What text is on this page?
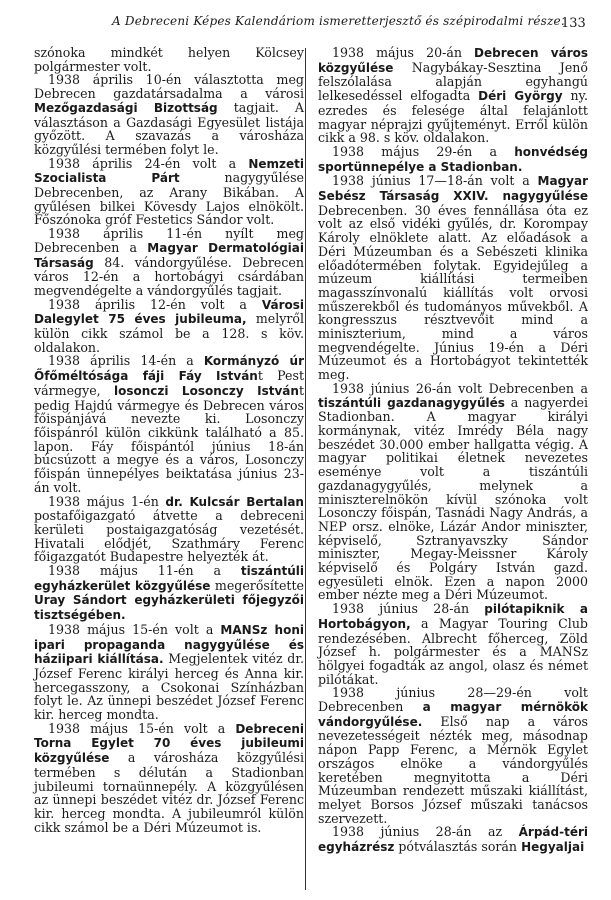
A Debreceni Képes Kalendáriom ismeretterjesztő és szépirodalmi része.
133

szónoka mindkét helyen Kölcsey polgármester volt.

1938 április 10-én választotta meg Debrecen gazdatársadalma a városi Mezőgazdasági Bizottság tagjait. A választáson a Gazdasági Egyesület listája győzött. A szavazás a városháza közgyűlési termében folyt le.

1938 április 24-én volt a Nemzeti Szocialista Párt nagygyűlése Debrecenben, az Arany Bikában. A gyűlésen bilkei Kövesdy Lajos elnökölt. Főszónoka gróf Festetics Sándor volt.

1938 április 11-én nyílt meg Debrecenben a Magyar Dermatológiai Társaság 84. vándorgyűlése. Debrecen város 12-én a hortobágyi csárdában megvendégelte a vándorgyűlés tagjait.

1938 április 12-én volt a Városi Dalegylet 75 éves jubileuma, melyről külön cikk számol be a 128. s köv. oldalakon.

1938 április 14-én a Kormányzó úr Őfőméltósága fáji Fáy Istvánt Pest vármegye, losonczi Losonczy Istvánt pedig Hajdú vármegye és Debrecen város főispánjává nevezte ki. Losonczy főispánról külön cikkünk található a 85. lapon. Fáy főispántól június 18-án búcsúzott a megye és a város, Losonczy főispán ünnepélyes beiktatása június 23-án volt.

1938 május 1-én dr. Kulcsár Bertalan postafőigazgató átvette a debreceni kerületi postaigazgatóság vezetését. Hivatali elődjét, Szathmáry Ferenc főigazgatót Budapestre helyezték át.

1938 május 11-én a tiszántúli egyházkerület közgyűlése megerősítette Uray Sándort egyházkerületi főjegyzői tisztségében.

1938 május 15-én volt a MANSz honi ipari propaganda nagygyűlése és háziipari kiállítása. Megjelentek vitéz dr. József Ferenc királyi herceg és Anna kir. hercegasszony, a Csokonai Színházban folyt le. Az ünnepi beszédet József Ferenc kir. herceg mondta.

1938 május 15-én volt a Debreceni Torna Egylet 70 éves jubileumi közgyűlése a városháza közgyűlési termében s délután a Stadionban jubileumi tornaünnepély. A közgyűlésen az ünnepi beszédet vitéz dr. József Ferenc kir. herceg mondta. A jubileumról külön cikk számol be a Déri Múzeumot is.

1938 május 20-án Debrecen város közgyűlése Nagybákay-Sesztina Jenő felszólalása alapján egyhangú lelkesedéssel elfogadta Déri György ny. ezredes és felesége által felajánlott magyar néprajzi gyűjteményt. Erről külön cikk a 98. s köv. oldalakon.

1938 május 29-én a honvédség sportünnepélye a Stadionban.

1938 június 17—18-án volt a Magyar Sebész Társaság XXIV. nagygyűlése Debrecenben. 30 éves fennállása óta ez volt az első vidéki gyűlés, dr. Korompay Károly elnöklete alatt. Az előadások a Déri Múzeumban és a Sebészeti klinika előadótermében folytak. Egyidejűleg a múzeum kiállítási termeiben magasszínvonalú kiállítás volt orvosi műszerekből és tudományos művekből. A kongresszus résztvevőit mind a miniszterium, mind a város megvendégelte. Június 19-én a Déri Múzeumot és a Hortobágyot tekintették meg.

1938 június 26-án volt Debrecenben a tiszántúli gazdanagygyűlés a nagyerdei Stadionban. A magyar királyi kormánynak, vitéz Imrédy Béla nagy beszédet 30.000 ember hallgatta végig. A magyar politikai életnek nevezetes eseménye volt a tiszántúli gazdanagygyűlés, melynek a miniszterelnökön kívül szónoka volt Losonczy főispán, Tasnádi Nagy András, a NEP orsz. elnöke, Lázár Andor miniszter, képviselő, Sztranyavszky Sándor miniszter, Megay-Meissner Károly képviselő és Polgáry István gazd. egyesületi elnök. Ezen a napon 2000 ember nézte meg a Déri Múzeumot.

1938 június 28-án pilótapiknik a Hortobágyon, a Magyar Touring Club rendezésében. Albrecht főherceg, Zöld József h. polgármester és a MANSz hölgyei fogadták az angol, olasz és német pilótákat.

1938 június 28—29-én volt Debrecenben a magyar mérnökök vándorgyűlése. Első nap a város nevezetességeit nézték meg, másodnap nápon Papp Ferenc, a Mérnök Egylet országos elnöke a vándorgyűlés keretében megnyitotta a Déri Múzeumban rendezett műszaki kiállítást, melyet Borsos József műszaki tanácsos szervezett.

1938 június 28-án az Árpád-téri egyházrész pótválasztás során Hegyaljai
